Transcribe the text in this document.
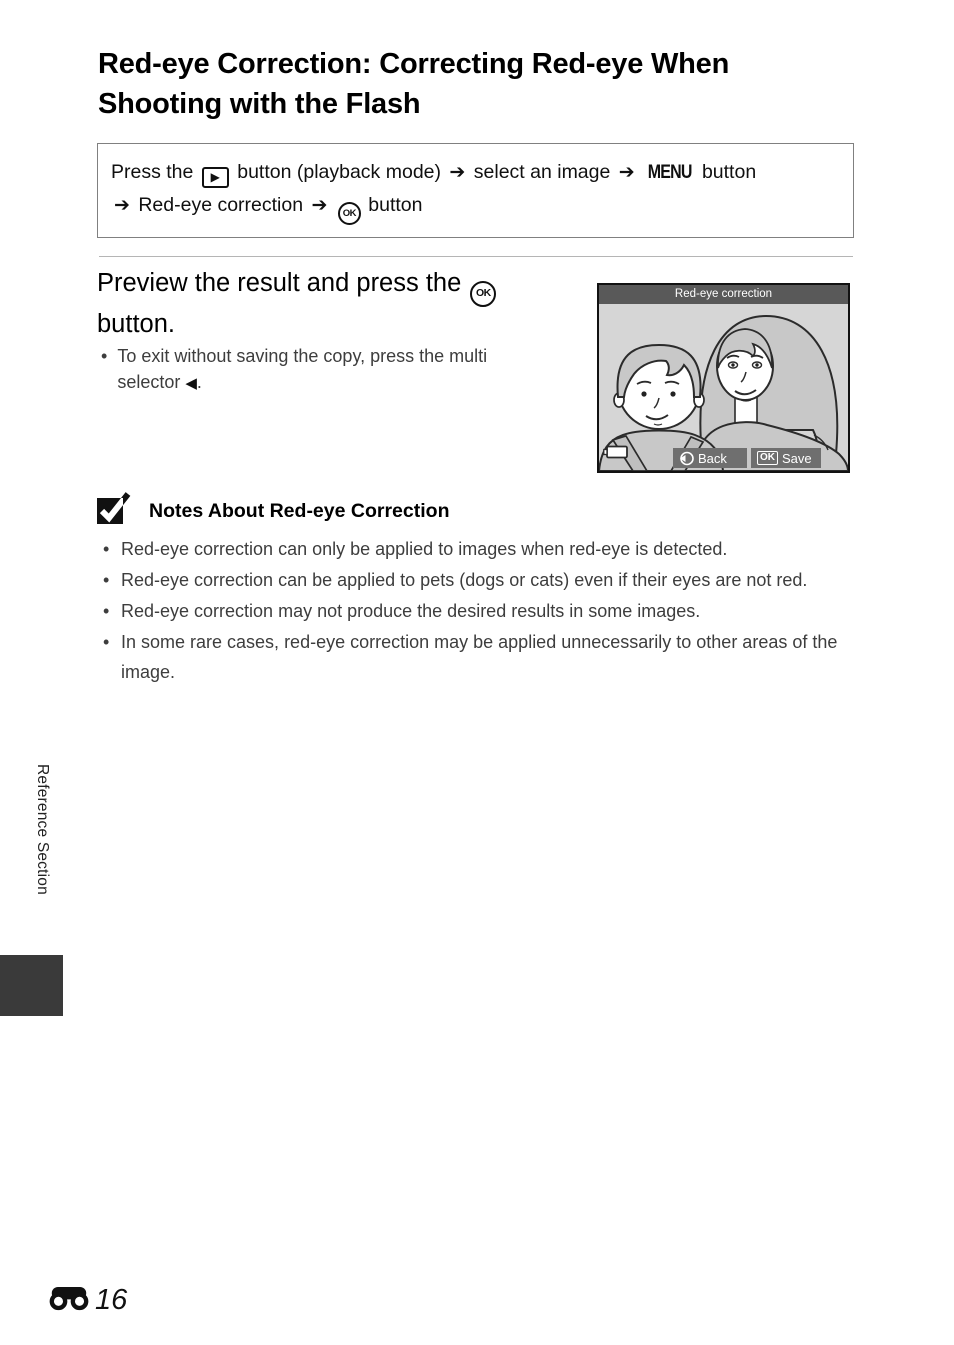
Red-eye Correction: Correcting Red-eye When Shooting with the Flash
Press the ▶ button (playback mode) ➔ select an image ➔ MENU button
➔ Red-eye correction ➔	OK button
Preview the result and press the OK button.
•
To exit without saving the copy, press the multi selector ◀ .
Red-eye correction
Back	OK Save
Notes About Red-eye Correction
• Red-eye correction can only be applied to images when red-eye is detected.
• Red-eye correction can be applied to pets (dogs or cats) even if their eyes are not red.
• Red-eye correction may not produce the desired results in some images.
• In some rare cases, red-eye correction may be applied unnecessarily to other areas of the image.
Reference Section
16
